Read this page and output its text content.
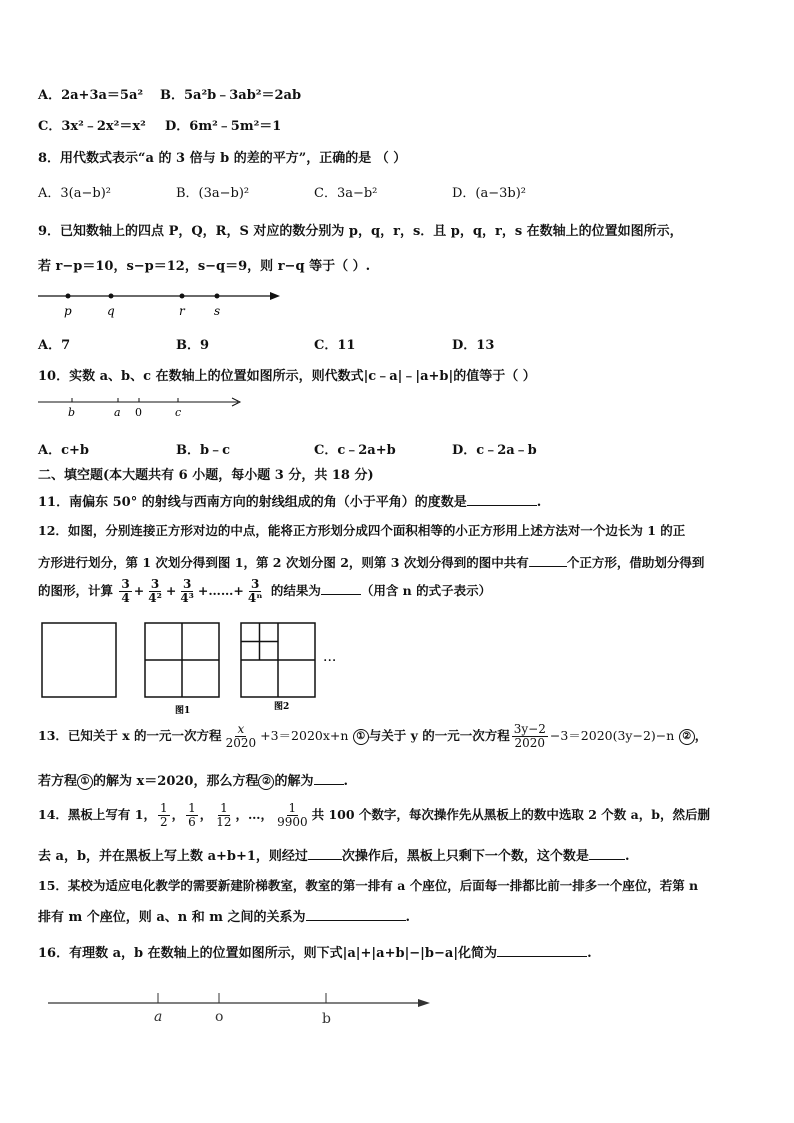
A．2a+3a＝5a² B．5a²b﹣3ab²＝2ab
C．3x²﹣2x²＝x² D．6m²﹣5m²＝1
8．用代数式表示“a 的 3 倍与 b 的差的平方”，正确的是 （ ）
A．3(a−b)²	B．(3a−b)²	C．3a−b²	D．(a−3b)²
9．已知数轴上的四点 P，Q，R，S 对应的数分别为 p，q，r，s．且 p，q，r，s 在数轴上的位置如图所示，
若 r−p＝10，s−p＝12，s−q＝9，则 r−q 等于（ ）.
p	q	r s
A．7	B．9	C．11	D．13
10．实数 a、b、c 在数轴上的位置如图所示，则代数式|c﹣a|﹣|a+b|的值等于（ ）
b	a 0	c
A．c+b	B．b﹣c	C．c﹣2a+b	D．c﹣2a﹣b
二、填空题(本大题共有 6 小题，每小题 3 分，共 18 分)
11．南偏东 50° 的射线与西南方向的射线组成的角（小于平角）的度数是	.
12．如图，分别连接正方形对边的中点，能将正方形划分成四个面积相等的小正方形用上述方法对一个边长为 1 的正
方形进行划分，第 1 次划分得到图 1，第 2 次划分图 2，则第 3 次划分得到的图中共有	个正方形，借助划分得到
的图形，计算 $\frac{3}{4} + \frac{3}{\text{4²}} + \frac{3}{\text{4³}}$ +……+ $\frac{3}{\text{4ⁿ}}$ 的结果为	（用含 n 的式子表示）
···
图1	图2
13．已知关于 x 的一元一次方程 $\frac{x}{2020} +3=2020x+n$ ① 与关于 y 的一元一次方程 $\frac{3y-2}{2020} -3=2020(3y-2)-n$ ② ，
若方程 ① 的解为 x＝2020，那么方程 ② 的解为 .
14．黑板上写有 1， $\frac{1}{2}$ ， $\frac{1}{6}$ ， $\frac{1}{12}$ ，…， $\frac{1}{9900}$ 共 100 个数字，每次操作先从黑板上的数中选取 2 个数 a，b，然后删
去 a，b，并在黑板上写上数 a+b+1，则经过	次操作后，黑板上只剩下一个数，这个数是	.
15．某校为适应电化教学的需要新建阶梯教室，教室的第一排有 a 个座位，后面每一排都比前一排多一个座位，若第 n
排有 m 个座位，则 a、n 和 m 之间的关系为	.
16．有理数 a，b 在数轴上的位置如图所示，则下式|a|+|a+b|−|b−a|化简为	.
a	o	b
